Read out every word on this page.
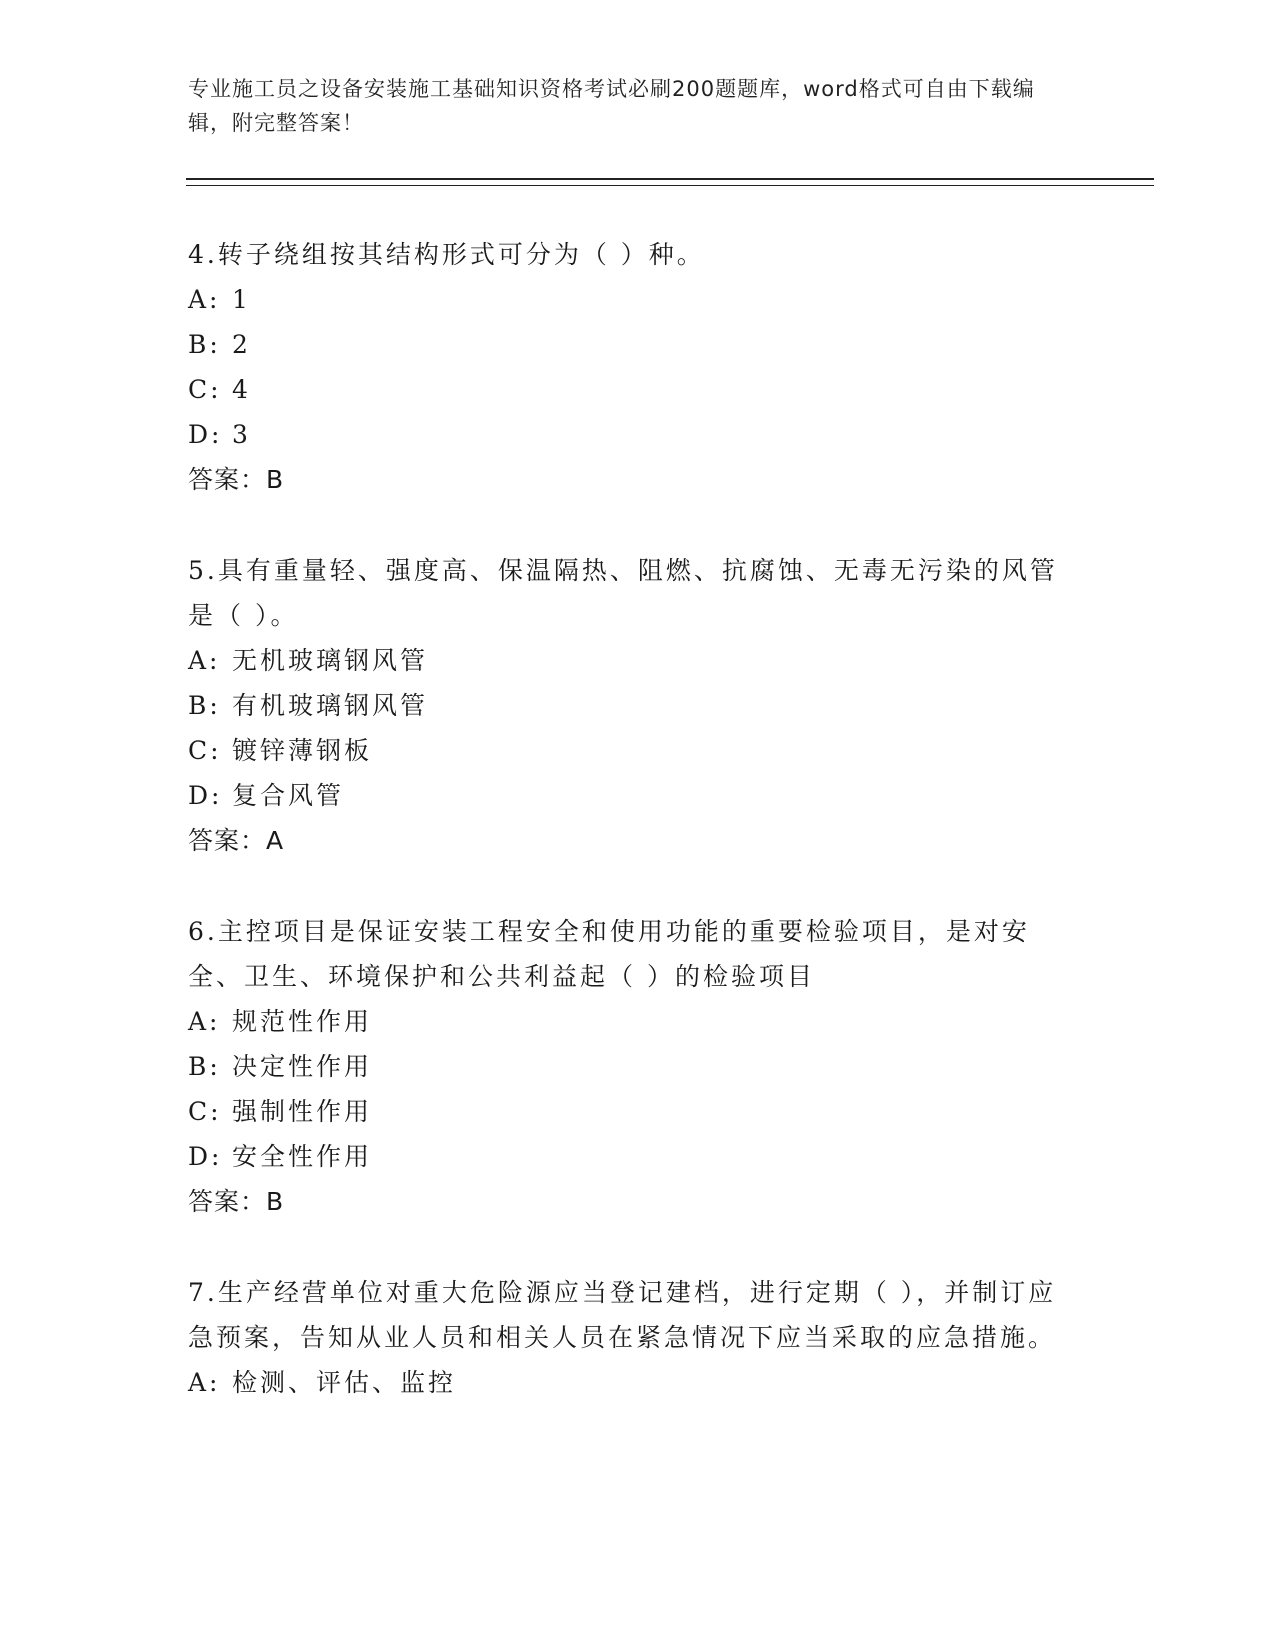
专业施工员之设备安装施工基础知识资格考试必刷200题题库，word格式可自由下载编辑，附完整答案！

4.转子绕组按其结构形式可分为（ ）种。

A: 1

B: 2

C: 4

D: 3

答案：B

5.具有重量轻、强度高、保温隔热、阻燃、抗腐蚀、无毒无污染的风管是（ ）。

A: 无机玻璃钢风管

B: 有机玻璃钢风管

C: 镀锌薄钢板

D: 复合风管

答案：A

6.主控项目是保证安装工程安全和使用功能的重要检验项目，是对安全、卫生、环境保护和公共利益起（ ）的检验项目

A: 规范性作用

B: 决定性作用

C: 强制性作用

D: 安全性作用

答案：B

7.生产经营单位对重大危险源应当登记建档，进行定期（ ），并制订应急预案，告知从业人员和相关人员在紧急情况下应当采取的应急措施。

A: 检测、评估、监控
